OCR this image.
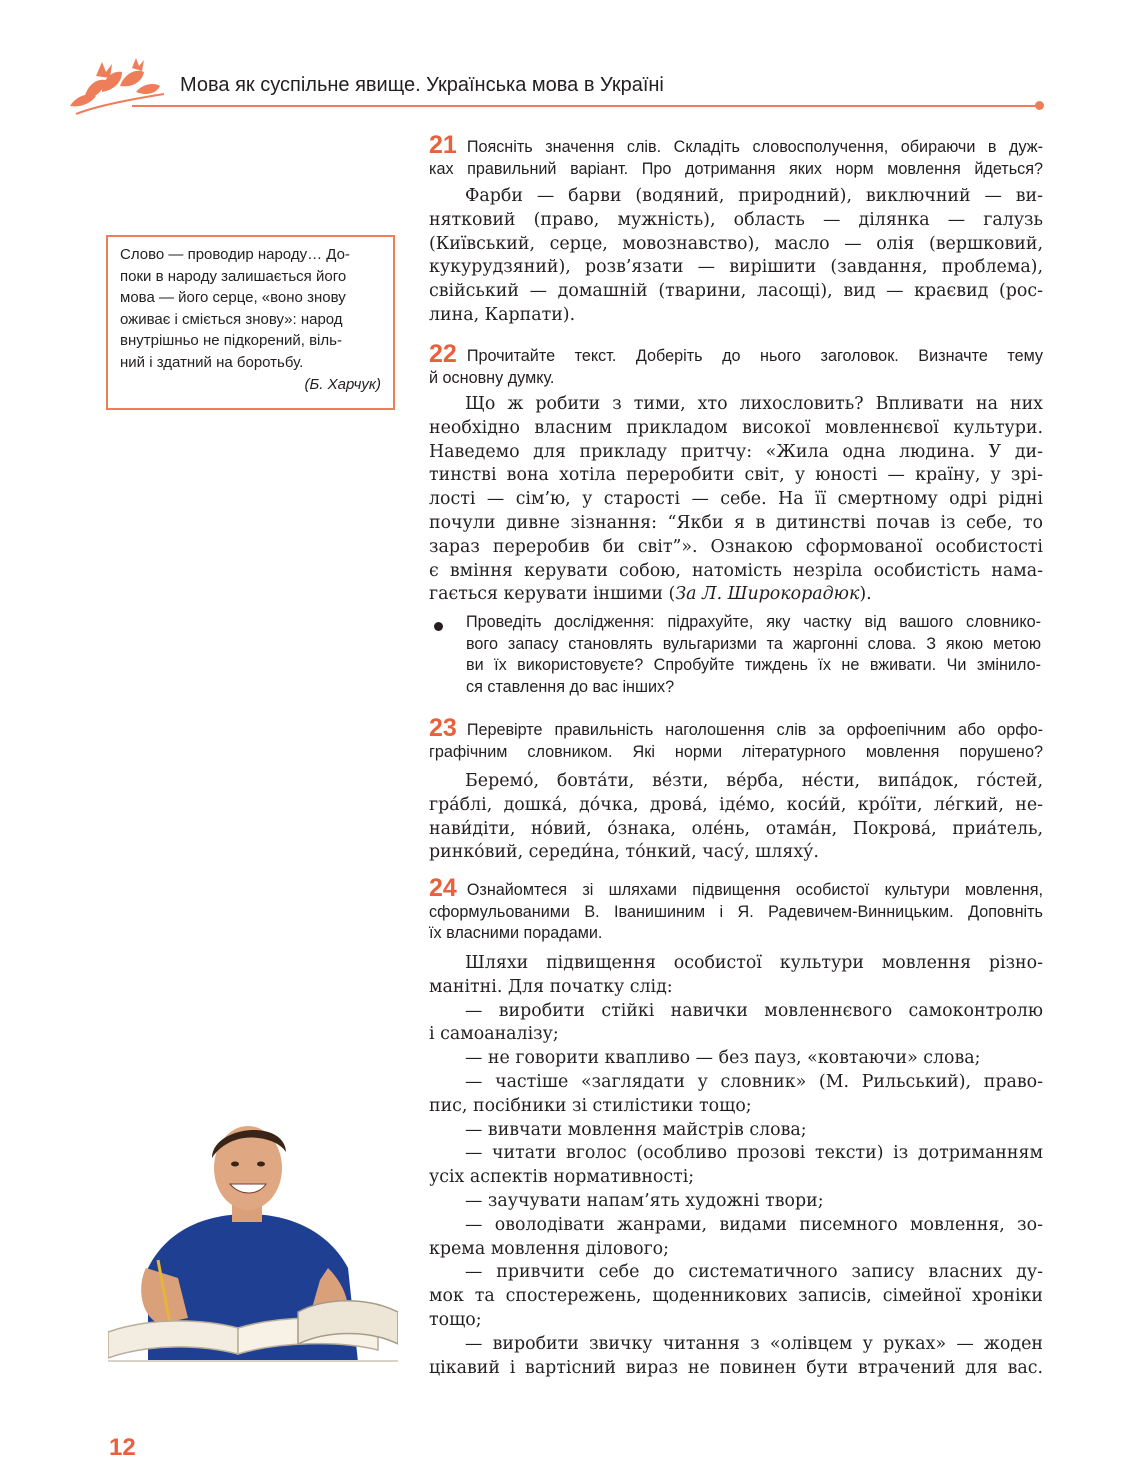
Мова як суспільне явище. Українська мова в Україні

Слово — проводир народу… До-

поки в народу залишається його

мова — його серце, «воно знову

оживає і сміється знову»: народ

внутрішньо не підкорений, віль-

ний і здатний на боротьбу.

(Б. Харчук)

21 Поясніть значення слів. Складіть словосполучення, обираючи в дуж-
ках правильний варіант. Про дотримання яких норм мовлення йдеться?
Фарби — барви (водяний, природний), виключний — ви-
нятковий (право, мужність), область — ділянка — галузь
(Київський, серце, мовознавство), масло — олія (вершковий,
кукурудзяний), розв’язати — вирішити (завдання, проблема),
свійський — домашній (тварини, ласощі), вид — краєвид (рос-
лина, Карпати).
22 Прочитайте текст. Доберіть до нього заголовок. Визначте тему
й основну думку.
Що ж робити з тими, хто лихословить? Впливати на них
необхідно власним прикладом високої мовленнєвої культури.
Наведемо для прикладу притчу: «Жила одна людина. У ди-
тинстві вона хотіла переробити світ, у юності — країну, у зрі-
лості — сім’ю, у старості — себе. На її смертному одрі рідні
почули дивне зізнання: “Якби я в дитинстві почав із себе, то
зараз переробив би світ”». Ознакою сформованої особистості
є вміння керувати собою, натомість незріла особистість нама-
гається керувати іншими (За Л. Широкорадюк).
Проведіть дослідження: підрахуйте, яку частку від вашого словнико-
вого запасу становлять вульгаризми та жаргонні слова. З якою метою
ви їх використовуєте? Спробуйте тиждень їх не вживати. Чи змінило-
ся ставлення до вас інших?
23 Перевірте правильність наголошення слів за орфоепічним або орфо-
графічним словником. Які норми літературного мовлення порушено?
Беремо́, бовта́ти, ве́зти, ве́рба, не́сти, випа́док, го́стей,
гра́блі, дошка́, до́чка, дрова́, іде́мо, коси́й, кро́їти, ле́гкий, не-
нави́діти, но́вий, о́знака, оле́нь, отама́н, Покрова́, приа́тель,
ринко́вий, середи́на, то́нкий, часу́, шляху́.
24 Ознайомтеся зі шляхами підвищення особистої культури мовлення,
сформульованими В. Іванишиним і Я. Радевичем-Винницьким. Доповніть
їх власними порадами.
Шляхи підвищення особистої культури мовлення різно-
манітні. Для початку слід:
— виробити стійкі навички мовленнєвого самоконтролю
і самоаналізу;
— не говорити квапливо — без пауз, «ковтаючи» слова;
— частіше «заглядати у словник» (М. Рильський), право-
пис, посібники зі стилістики тощо;
— вивчати мовлення майстрів слова;
— читати вголос (особливо прозові тексти) із дотриманням
усіх аспектів нормативності;
— заучувати напам’ять художні твори;
— оволодівати жанрами, видами писемного мовлення, зо-
крема мовлення ділового;
— привчити себе до систематичного запису власних ду-
мок та спостережень, щоденникових записів, сімейної хроніки
тощо;
— виробити звичку читання з «олівцем у руках» — жоден
цікавий і вартісний вираз не повинен бути втрачений для вас.
12
